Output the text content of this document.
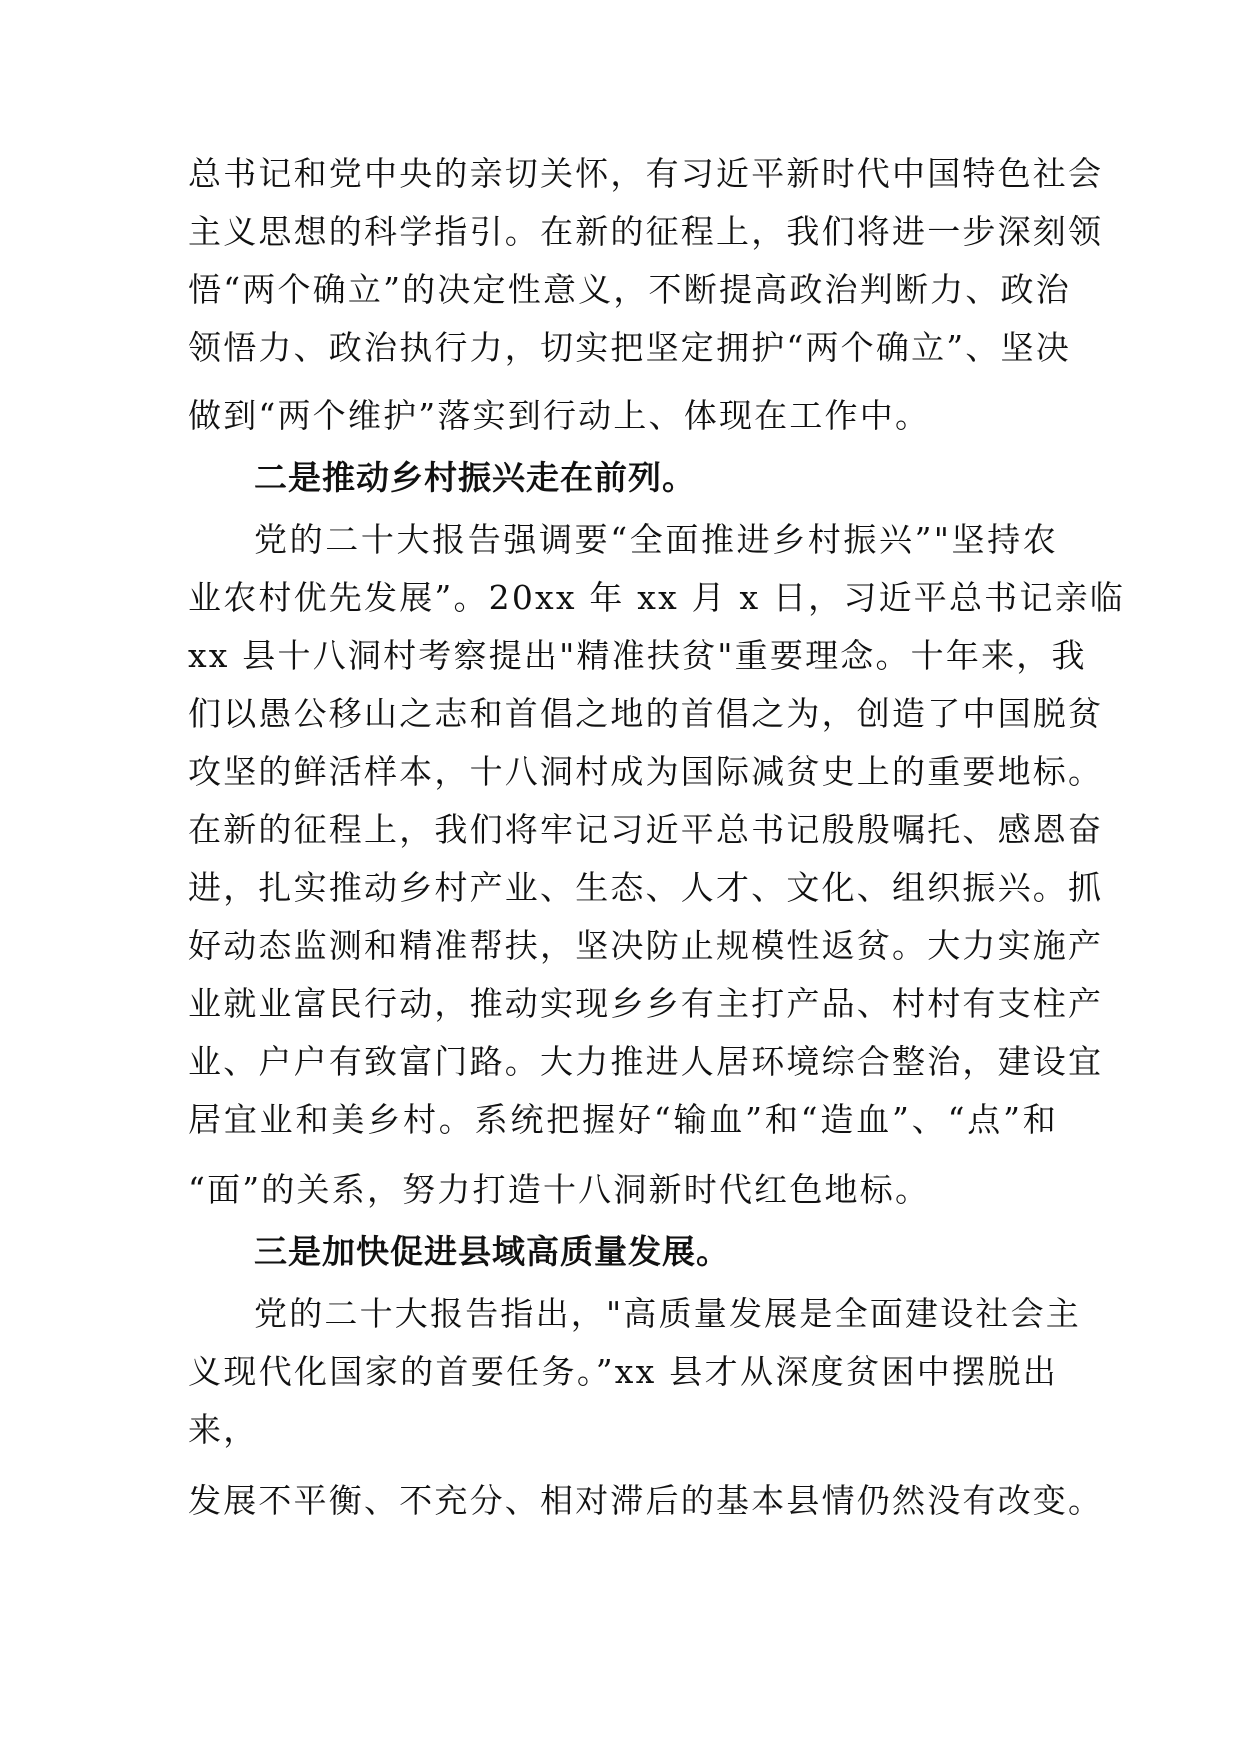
总书记和党中央的亲切关怀，有习近平新时代中国特色社会
主义思想的科学指引。在新的征程上，我们将进一步深刻领
悟“两个确立”的决定性意义，不断提高政治判断力、政治
领悟力、政治执行力，切实把坚定拥护“两个确立”、坚决
做到“两个维护”落实到行动上、体现在工作中。
二是推动乡村振兴走在前列。
党的二十大报告强调要“全面推进乡村振兴”"坚持农
业农村优先发展”。20xx 年 xx 月 x 日，习近平总书记亲临
xx 县十八洞村考察提出"精准扶贫"重要理念。十年来，我
们以愚公移山之志和首倡之地的首倡之为，创造了中国脱贫
攻坚的鲜活样本，十八洞村成为国际减贫史上的重要地标。
在新的征程上，我们将牢记习近平总书记殷殷嘱托、感恩奋
进，扎实推动乡村产业、生态、人才、文化、组织振兴。抓
好动态监测和精准帮扶，坚决防止规模性返贫。大力实施产
业就业富民行动，推动实现乡乡有主打产品、村村有支柱产
业、户户有致富门路。大力推进人居环境综合整治，建设宜
居宜业和美乡村。系统把握好“输血”和“造血”、“点”和
“面”的关系，努力打造十八洞新时代红色地标。
三是加快促进县域高质量发展。
党的二十大报告指出，"高质量发展是全面建设社会主
义现代化国家的首要任务。”xx 县才从深度贫困中摆脱出
来，
发展不平衡、不充分、相对滞后的基本县情仍然没有改变。
